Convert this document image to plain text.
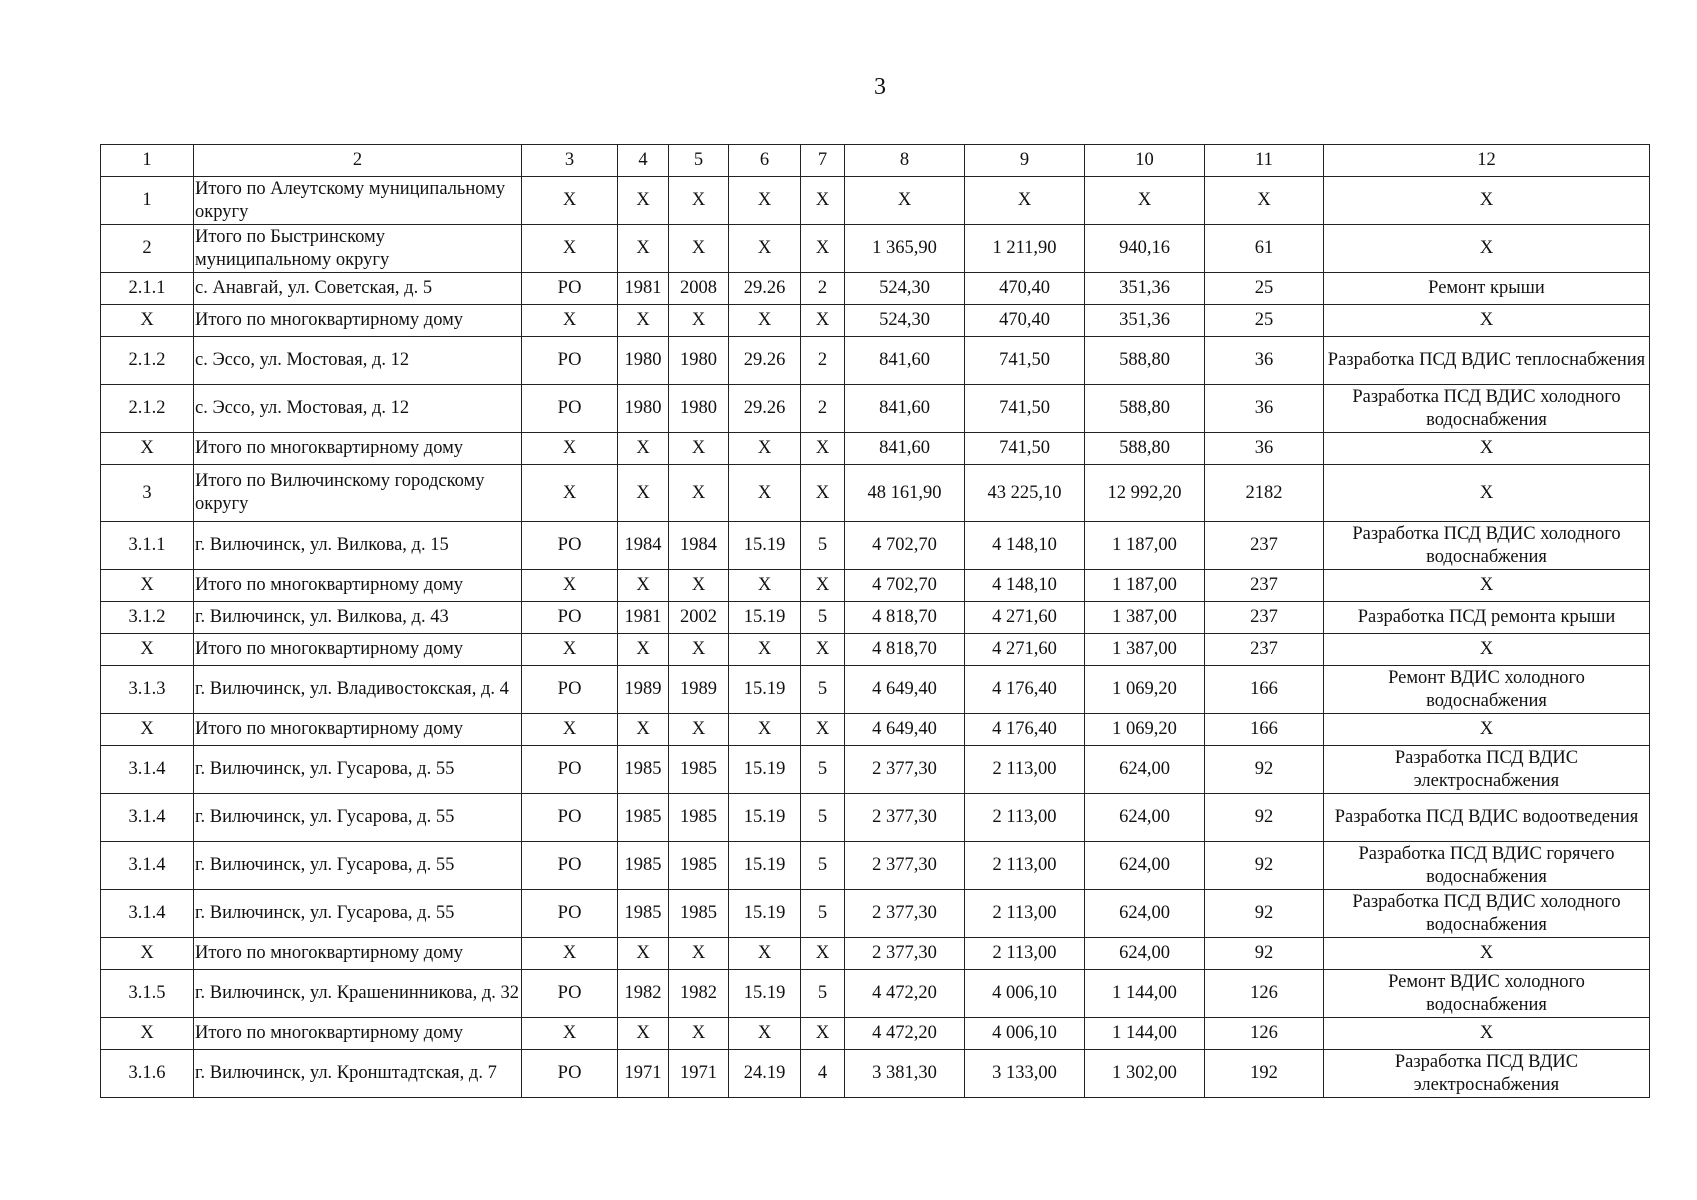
3
1	2	3	4	5	6	7	8	9	10	11	12
1	Итого по Алеутскому муниципальному округу	X	X	X	X	X	X	X	X	X	X
2	Итого по Быстринскому муниципальному округу	X	X	X	X	X	1 365,90	1 211,90	940,16	61	X
2.1.1	с. Анавгай, ул. Советская, д. 5	РО	1981	2008	29.26	2	524,30	470,40	351,36	25	Ремонт крыши
X	Итого по многоквартирному дому	X	X	X	X	X	524,30	470,40	351,36	25	X
2.1.2	с. Эссо, ул. Мостовая, д. 12	РО	1980	1980	29.26	2	841,60	741,50	588,80	36	Разработка ПСД ВДИС теплоснабжения
2.1.2	с. Эссо, ул. Мостовая, д. 12	РО	1980	1980	29.26	2	841,60	741,50	588,80	36	Разработка ПСД ВДИС холодного водоснабжения
X	Итого по многоквартирному дому	X	X	X	X	X	841,60	741,50	588,80	36	X
3	Итого по Вилючинскому городскому округу	X	X	X	X	X	48 161,90	43 225,10	12 992,20	2182	X
3.1.1	г. Вилючинск, ул. Вилкова, д. 15	РО	1984	1984	15.19	5	4 702,70	4 148,10	1 187,00	237	Разработка ПСД ВДИС холодного водоснабжения
X	Итого по многоквартирному дому	X	X	X	X	X	4 702,70	4 148,10	1 187,00	237	X
3.1.2	г. Вилючинск, ул. Вилкова, д. 43	РО	1981	2002	15.19	5	4 818,70	4 271,60	1 387,00	237	Разработка ПСД ремонта крыши
X	Итого по многоквартирному дому	X	X	X	X	X	4 818,70	4 271,60	1 387,00	237	X
3.1.3	г. Вилючинск, ул. Владивостокская, д. 4	РО	1989	1989	15.19	5	4 649,40	4 176,40	1 069,20	166	Ремонт ВДИС холодного водоснабжения
X	Итого по многоквартирному дому	X	X	X	X	X	4 649,40	4 176,40	1 069,20	166	X
3.1.4	г. Вилючинск, ул. Гусарова, д. 55	РО	1985	1985	15.19	5	2 377,30	2 113,00	624,00	92	Разработка ПСД ВДИС электроснабжения
3.1.4	г. Вилючинск, ул. Гусарова, д. 55	РО	1985	1985	15.19	5	2 377,30	2 113,00	624,00	92	Разработка ПСД ВДИС водоотведения
3.1.4	г. Вилючинск, ул. Гусарова, д. 55	РО	1985	1985	15.19	5	2 377,30	2 113,00	624,00	92	Разработка ПСД ВДИС горячего водоснабжения
3.1.4	г. Вилючинск, ул. Гусарова, д. 55	РО	1985	1985	15.19	5	2 377,30	2 113,00	624,00	92	Разработка ПСД ВДИС холодного водоснабжения
X	Итого по многоквартирному дому	X	X	X	X	X	2 377,30	2 113,00	624,00	92	X
3.1.5	г. Вилючинск, ул. Крашенинникова, д. 32	РО	1982	1982	15.19	5	4 472,20	4 006,10	1 144,00	126	Ремонт ВДИС холодного водоснабжения
X	Итого по многоквартирному дому	X	X	X	X	X	4 472,20	4 006,10	1 144,00	126	X
3.1.6	г. Вилючинск, ул. Кронштадтская, д. 7	РО	1971	1971	24.19	4	3 381,30	3 133,00	1 302,00	192	Разработка ПСД ВДИС электроснабжения
